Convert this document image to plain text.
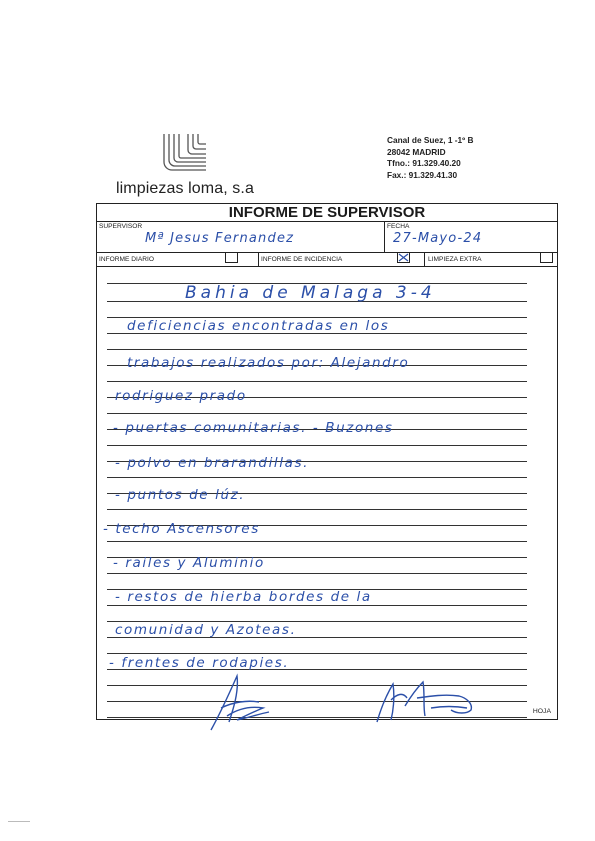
limpiezas loma, s.a
Canal de Suez, 1 -1º B
28042 MADRID
Tfno.: 91.329.40.20
Fax.: 91.329.41.30
INFORME DE SUPERVISOR
SUPERVISOR
Mª Jesus Fernandez
FECHA
27-Mayo-24
INFORME DIARIO	INFORME DE INCIDENCIA	LIMPIEZA EXTRA
Bahia de Malaga 3-4
deficiencias encontradas en los
trabajos realizados por: Alejandro
rodriguez prado
- puertas comunitarias. - Buzones
- polvo en brarandillas.
- puntos de lúz.
- techo Ascensores
- railes y Aluminio
- restos de hierba bordes de la
comunidad y Azoteas.
- frentes de rodapies.
HOJA
